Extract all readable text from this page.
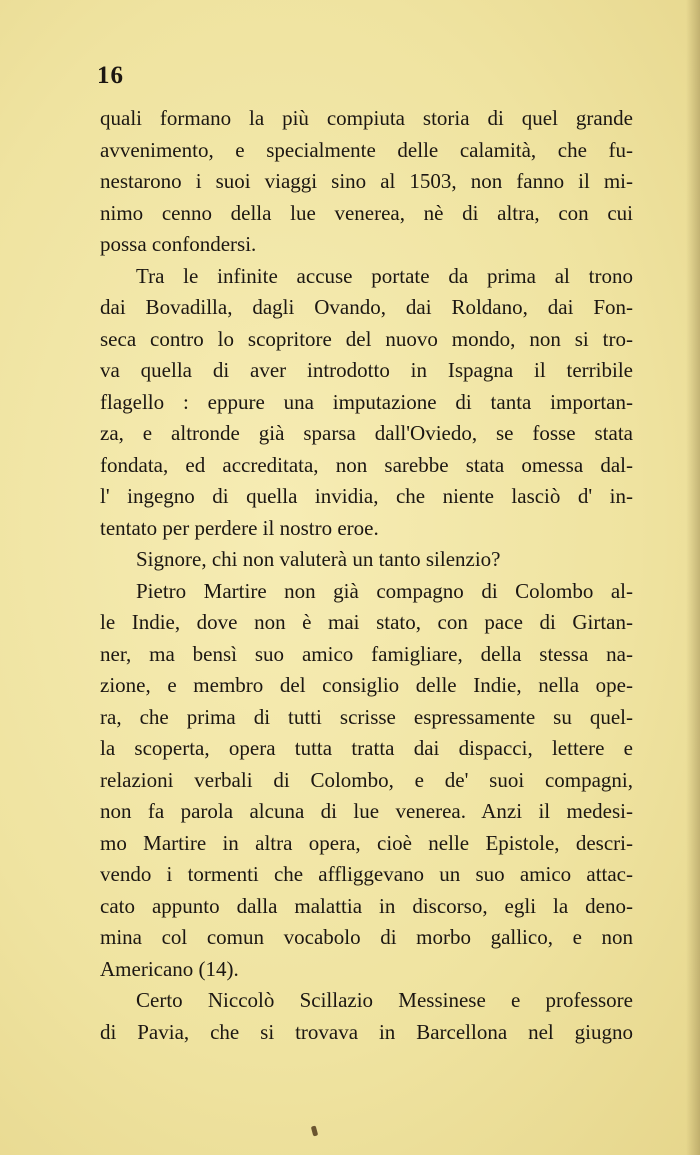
16
quali formano la più compiuta storia di quel grande
avvenimento, e specialmente delle calamità, che fu-
nestarono i suoi viaggi sino al 1503, non fanno il mi-
nimo cenno della lue venerea, nè di altra, con cui
possa confondersi.
Tra le infinite accuse portate da prima al trono
dai Bovadilla, dagli Ovando, dai Roldano, dai Fon-
seca contro lo scopritore del nuovo mondo, non si tro-
va quella di aver introdotto in Ispagna il terribile
flagello : eppure una imputazione di tanta importan-
za, e altronde già sparsa dall'Oviedo, se fosse stata
fondata, ed accreditata, non sarebbe stata omessa dal-
l' ingegno di quella invidia, che niente lasciò d' in-
tentato per perdere il nostro eroe.
Signore, chi non valuterà un tanto silenzio?
Pietro Martire non già compagno di Colombo al-
le Indie, dove non è mai stato, con pace di Girtan-
ner, ma bensì suo amico famigliare, della stessa na-
zione, e membro del consiglio delle Indie, nella ope-
ra, che prima di tutti scrisse espressamente su quel-
la scoperta, opera tutta tratta dai dispacci, lettere e
relazioni verbali di Colombo, e de' suoi compagni,
non fa parola alcuna di lue venerea. Anzi il medesi-
mo Martire in altra opera, cioè nelle Epistole, descri-
vendo i tormenti che affliggevano un suo amico attac-
cato appunto dalla malattia in discorso, egli la deno-
mina col comun vocabolo di morbo gallico, e non
Americano (14).
Certo Niccolò Scillazio Messinese e professore
di Pavia, che si trovava in Barcellona nel giugno
